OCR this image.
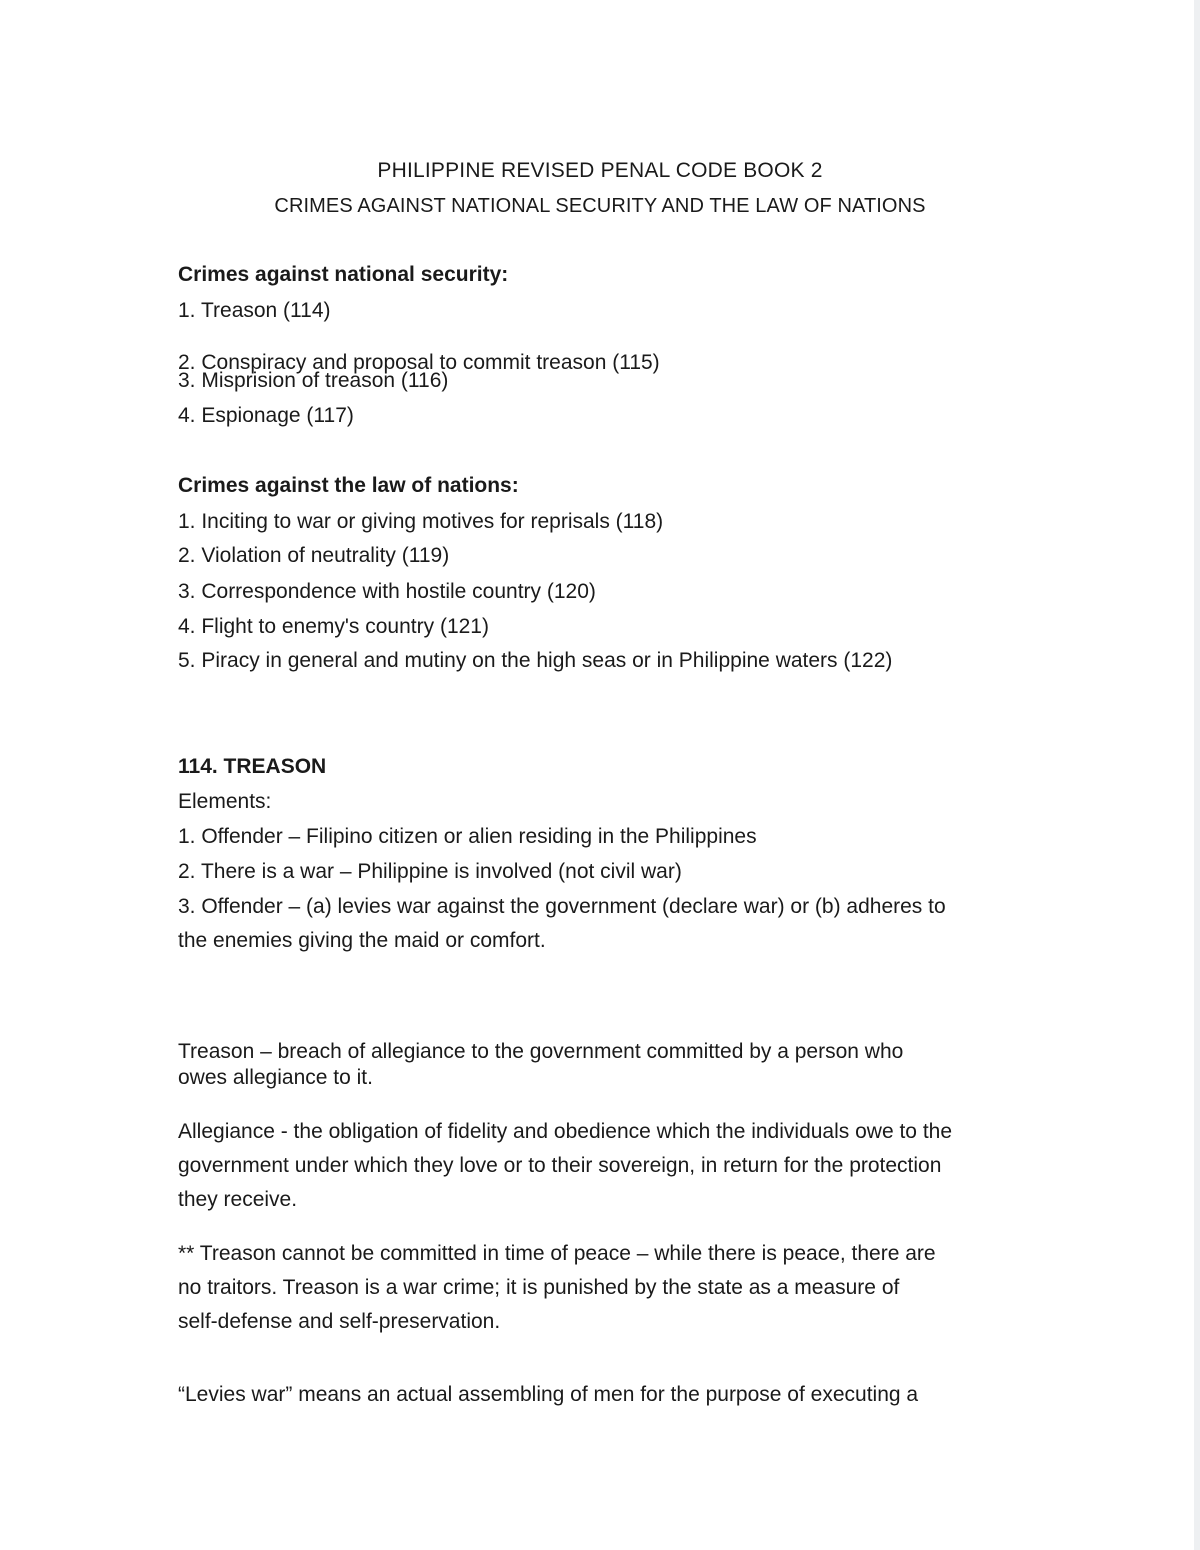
PHILIPPINE REVISED PENAL CODE BOOK 2

CRIMES AGAINST NATIONAL SECURITY AND THE LAW OF NATIONS

Crimes against national security:

1. Treason (114)

2. Conspiracy and proposal to commit treason (115)

3. Misprision of treason (116)

4. Espionage (117)

Crimes against the law of nations:

1. Inciting to war or giving motives for reprisals (118)

2. Violation of neutrality (119)

3. Correspondence with hostile country (120)

4. Flight to enemy's country (121)

5. Piracy in general and mutiny on the high seas or in Philippine waters (122)

114. TREASON

Elements:

1. Offender – Filipino citizen or alien residing in the Philippines

2. There is a war – Philippine is involved (not civil war)

3. Offender – (a) levies war against the government (declare war) or (b) adheres to

the enemies giving the maid or comfort.

Treason – breach of allegiance to the government committed by a person who

owes allegiance to it.

Allegiance - the obligation of fidelity and obedience which the individuals owe to the

government under which they love or to their sovereign, in return for the protection

they receive.

** Treason cannot be committed in time of peace – while there is peace, there are

no traitors. Treason is a war crime; it is punished by the state as a measure of

self-defense and self-preservation.

“Levies war” means an actual assembling of men for the purpose of executing a
